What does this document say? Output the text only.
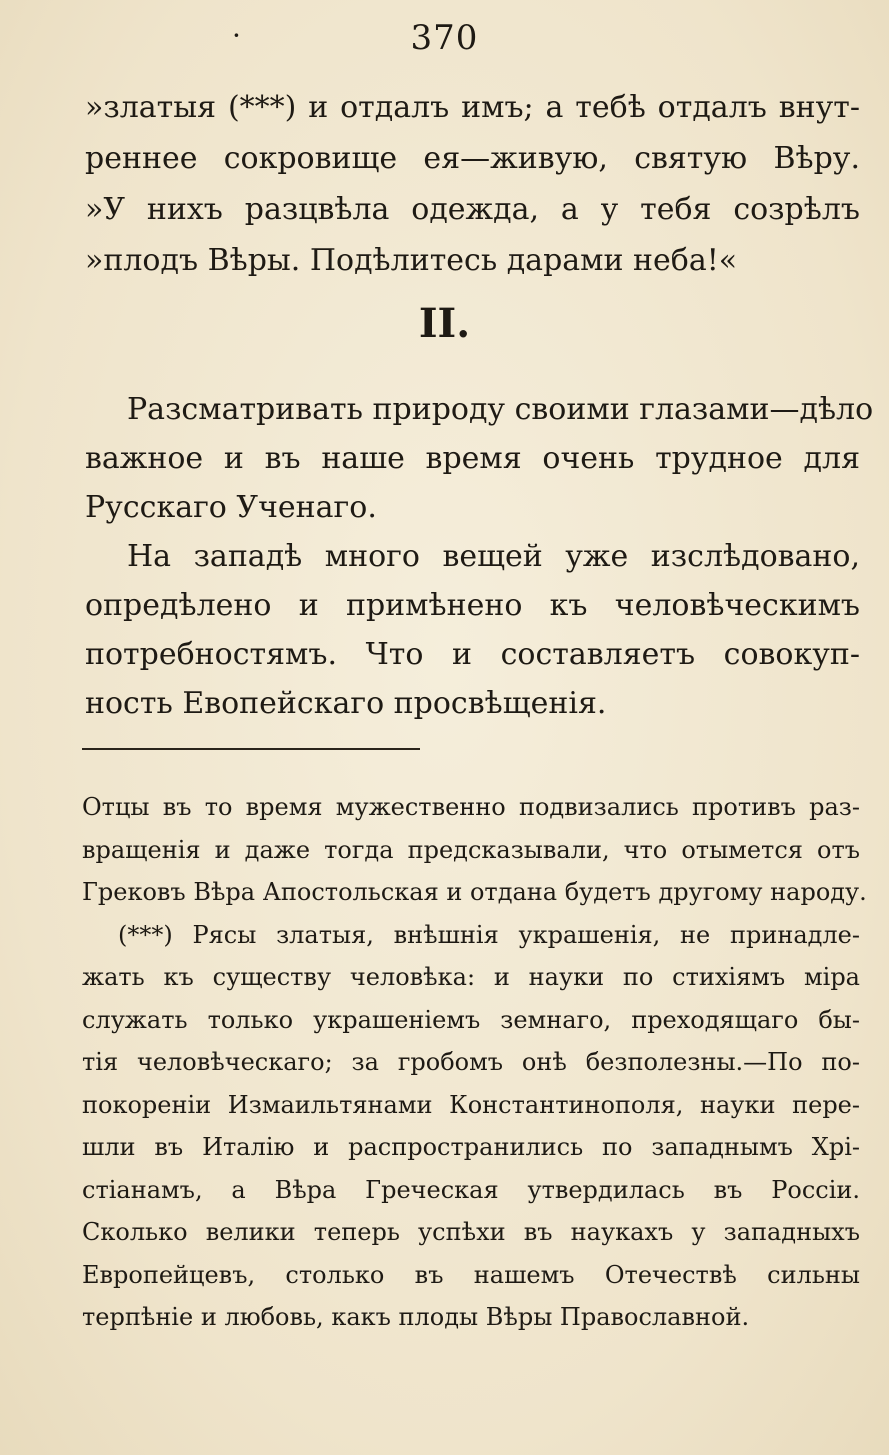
·	370
»златыя (***) и отдалъ имъ; а тебѣ отдалъ внут-
реннее сокровище ея—живую, святую Вѣру.
»У нихъ разцвѣла одежда, а у тебя созрѣлъ
»плодъ Вѣры. Подѣлитесь дарами неба!«
II.
Разсматривать природу своими глазами—дѣло
важное и въ наше время очень трудное для
Русскаго Ученаго.
На западѣ много вещей уже изслѣдовано,
опредѣлено и примѣнено къ человѣческимъ
потребностямъ. Что и составляетъ совокуп-
ность Евопейскаго просвѣщенія.
Отцы въ то время мужественно подвизались противъ раз-
вращенія и даже тогда предсказывали, что отымется отъ
Грековъ Вѣра Апостольская и отдана будетъ другому народу.
(***) Рясы златыя, внѣшнія украшенія, не принадле-
жать къ существу человѣка: и науки по стихіямъ міра
служать только украшеніемъ земнаго, преходящаго бы-
тія человѣческаго; за гробомъ онѣ безполезны.—По по-
покореніи Измаильтянами Константинополя, науки пере-
шли въ Италію и распространились по западнымъ Хрі-
стіанамъ, а Вѣра Греческая утвердилась въ Россіи.
Сколько велики теперь успѣхи въ наукахъ у западныхъ
Европейцевъ, столько въ нашемъ Отечествѣ сильны
терпѣніе и любовь, какъ плоды Вѣры Православной.
